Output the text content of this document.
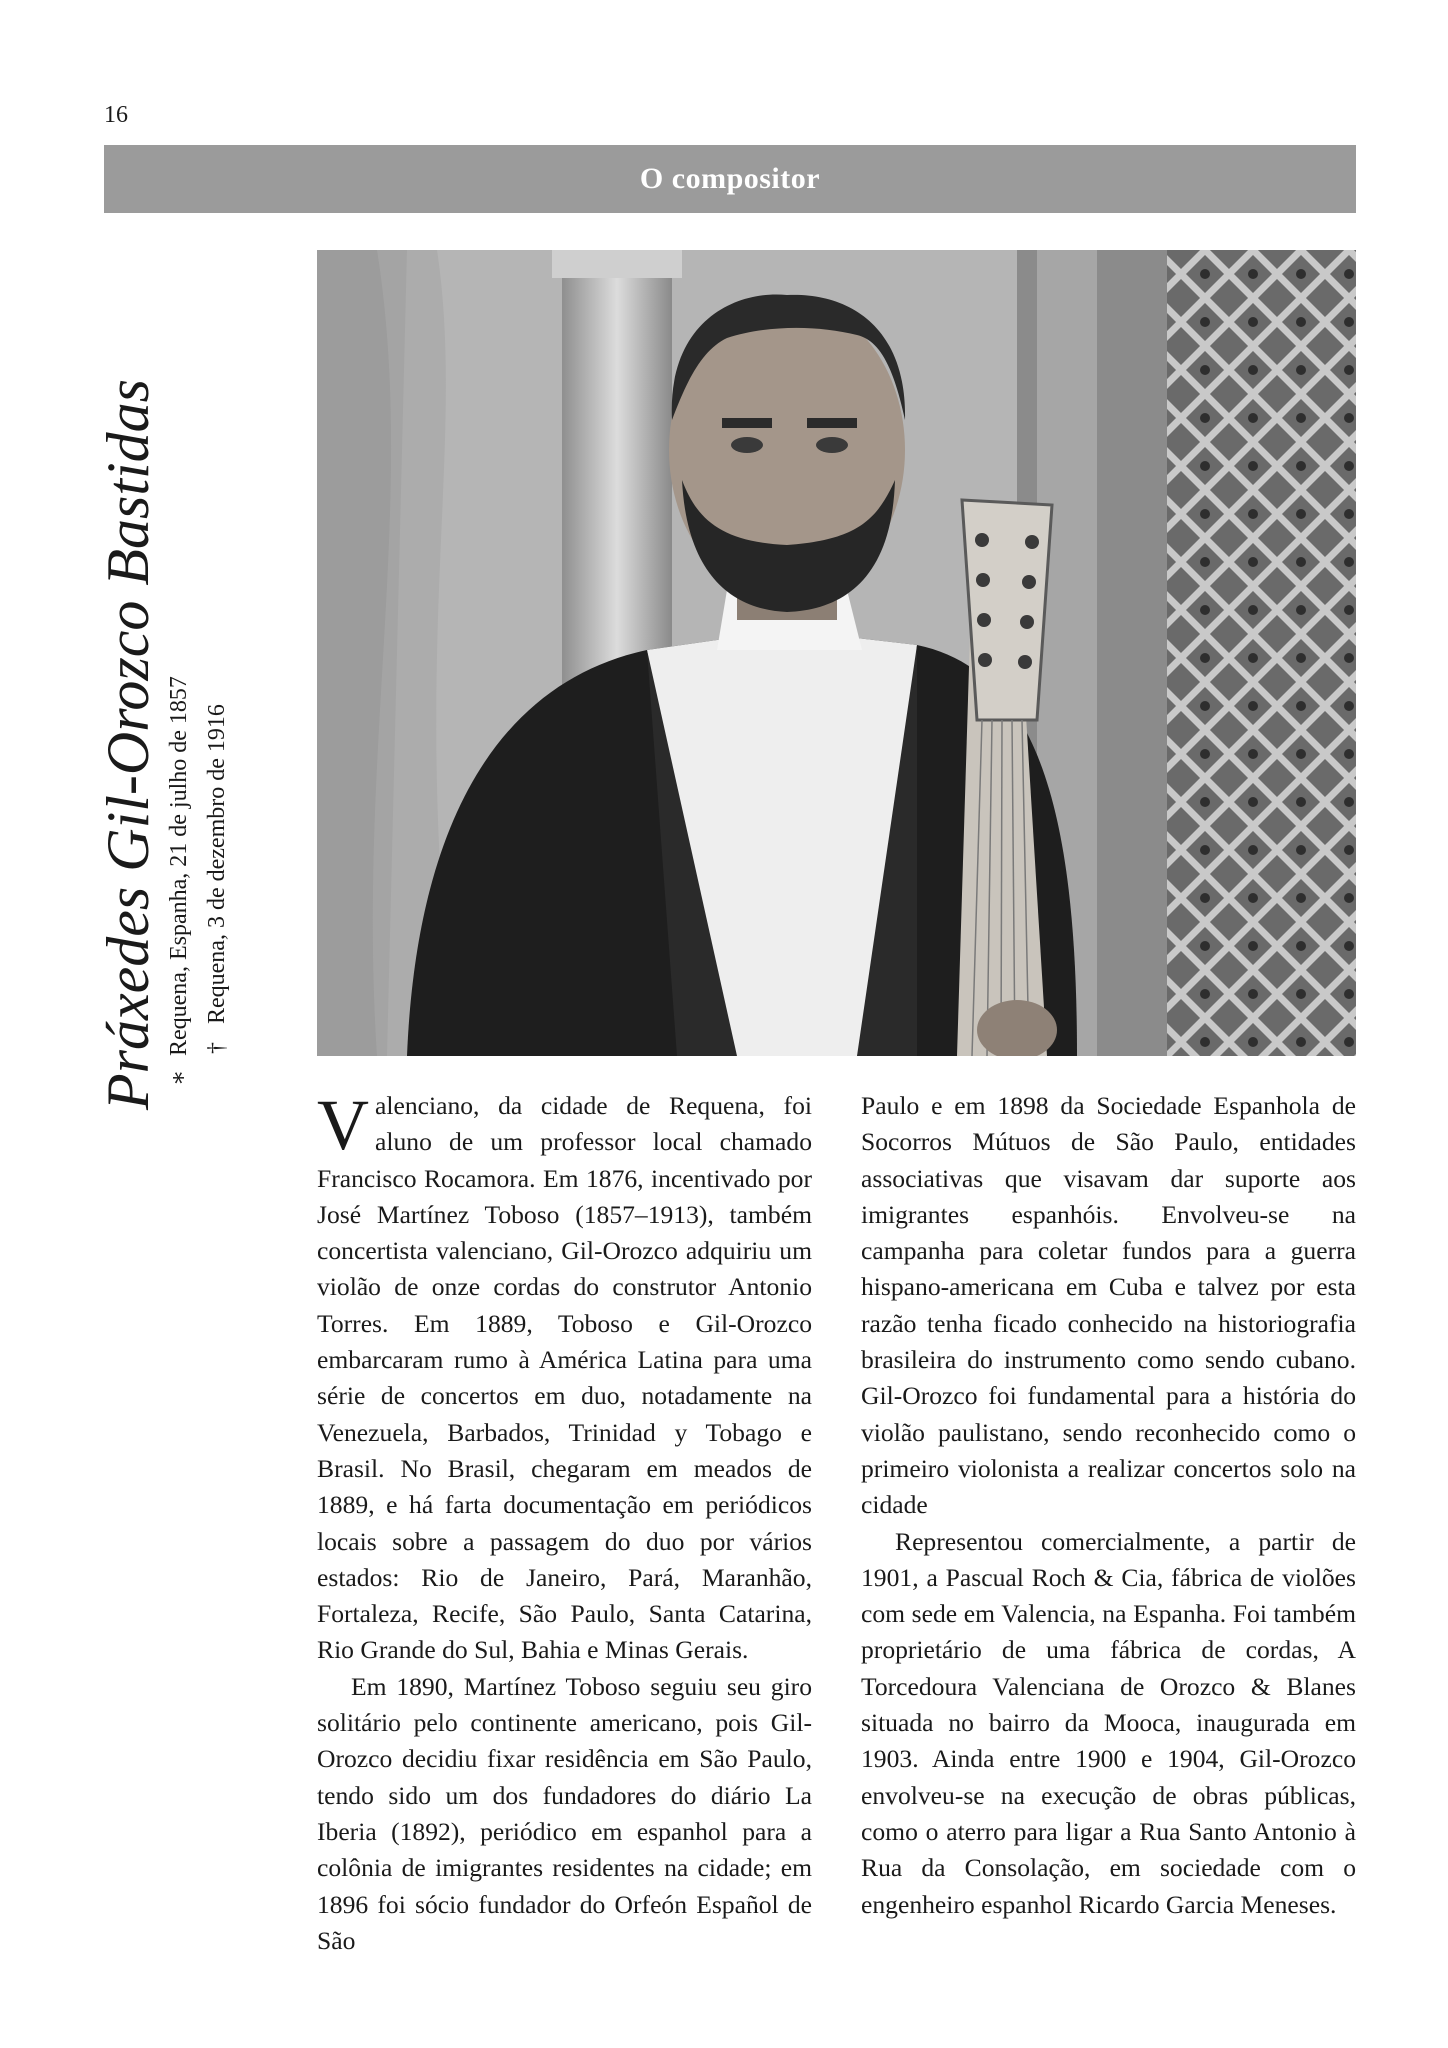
16
O compositor
Práxedes Gil-Orozco Bastidas ∗Requena, Espanha, 21 de julho de 1857 †Requena, 3 de dezembro de 1916

Valenciano, da cidade de Requena, foi aluno de um professor local chamado Francisco Rocamora. Em 1876, incentivado por José Martínez Toboso (1857–1913), também concertista valenciano, Gil-Orozco adquiriu um violão de onze cordas do construtor Antonio Torres. Em 1889, Toboso e Gil-Orozco embarcaram rumo à América Latina para uma série de concertos em duo, notadamente na Venezuela, Barbados, Trinidad y Tobago e Brasil. No Brasil, chegaram em meados de 1889, e há farta documentação em periódicos locais sobre a passagem do duo por vários estados: Rio de Janeiro, Pará, Maranhão, Fortaleza, Recife, São Paulo, Santa Catarina, Rio Grande do Sul, Bahia e Minas Gerais.

Em 1890, Martínez Toboso seguiu seu giro solitário pelo continente americano, pois Gil-Orozco decidiu fixar residência em São Paulo, tendo sido um dos fundadores do diário La Iberia (1892), periódico em espanhol para a colônia de imigrantes residentes na cidade; em 1896 foi sócio fundador do Orfeón Español de São

Paulo e em 1898 da Sociedade Espanhola de Socorros Mútuos de São Paulo, entidades associativas que visavam dar suporte aos imigrantes espanhóis. Envolveu-se na campanha para coletar fundos para a guerra hispano-americana em Cuba e talvez por esta razão tenha ficado conhecido na historiografia brasileira do instrumento como sendo cubano. Gil-Orozco foi fundamental para a história do violão paulistano, sendo reconhecido como o primeiro violonista a realizar concertos solo na cidade

Representou comercialmente, a partir de 1901, a Pascual Roch & Cia, fábrica de violões com sede em Valencia, na Espanha. Foi também proprietário de uma fábrica de cordas, A Torcedoura Valenciana de Orozco & Blanes situada no bairro da Mooca, inaugurada em 1903. Ainda entre 1900 e 1904, Gil-Orozco envolveu-se na execução de obras públicas, como o aterro para ligar a Rua Santo Antonio à Rua da Consolação, em sociedade com o engenheiro espanhol Ricardo Garcia Meneses.
